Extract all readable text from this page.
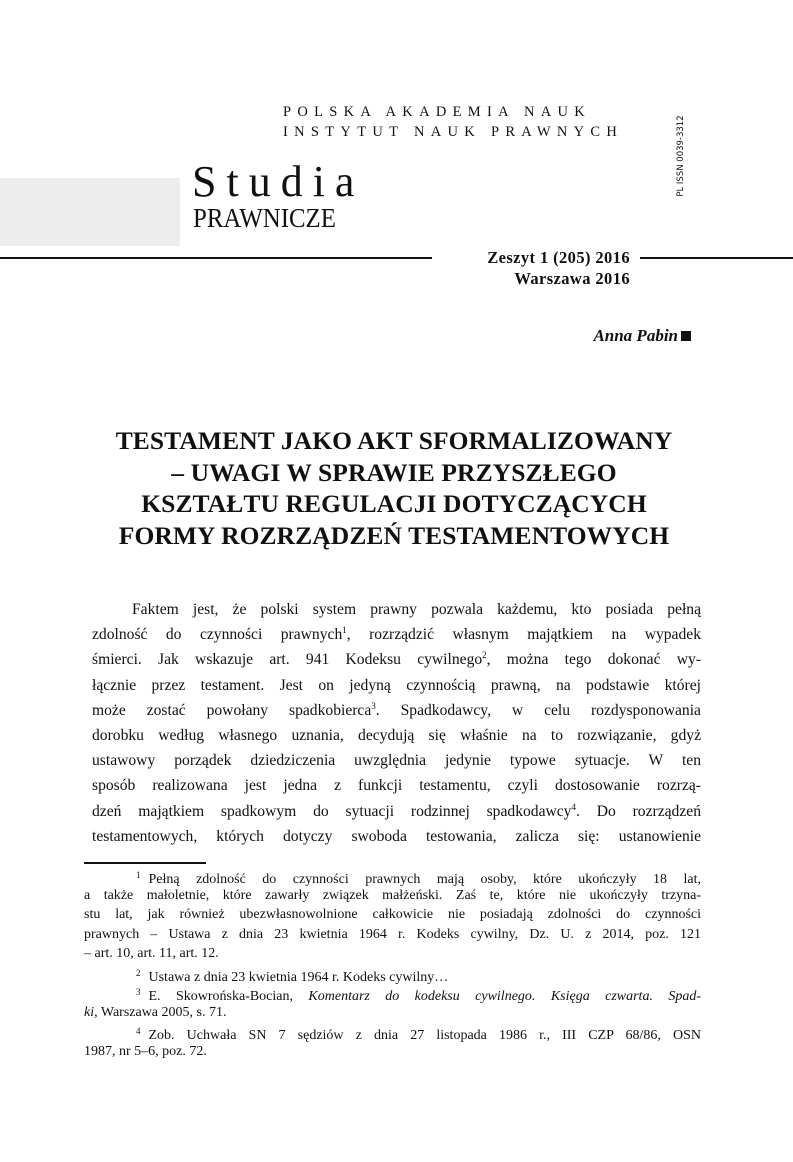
POLSKA AKADEMIA NAUK
INSTYTUT NAUK PRAWNYCH	PL ISSN 0039-3312
Studia
PRAWNICZE
Zeszyt 1 (205) 2016
Warszawa 2016
Anna Pabin
TESTAMENT JAKO AKT SFORMALIZOWANY
– UWAGI W SPRAWIE PRZYSZŁEGO
KSZTAŁTU REGULACJI DOTYCZĄCYCH
FORMY ROZRZĄDZEŃ TESTAMENTOWYCH
Faktem jest, że polski system prawny pozwala każdemu, kto posiada pełną
zdolność do czynności prawnych$^1$, rozrządzić własnym majątkiem na wypadek
śmierci. Jak wskazuje art. 941 Kodeksu cywilnego$^2$, można tego dokonać wy-
łącznie przez testament. Jest on jedyną czynnością prawną, na podstawie której
może zostać powołany spadkobierca$^3$. Spadkodawcy, w celu rozdysponowania
dorobku według własnego uznania, decydują się właśnie na to rozwiązanie, gdyż
ustawowy porządek dziedziczenia uwzględnia jedynie typowe sytuacje. W ten
sposób realizowana jest jedna z funkcji testamentu, czyli dostosowanie rozrzą-
dzeń majątkiem spadkowym do sytuacji rodzinnej spadkodawcy$^4$. Do rozrządzeń
testamentowych, których dotyczy swoboda testowania, zalicza się: ustanowienie
$^1$ Pełną zdolność do czynności prawnych mają osoby, które ukończyły 18 lat,
a także małoletnie, które zawarły związek małżeński. Zaś te, które nie ukończyły trzyna-
stu lat, jak również ubezwłasnowolnione całkowicie nie posiadają zdolności do czynności
prawnych – Ustawa z dnia 23 kwietnia 1964 r. Kodeks cywilny, Dz. U. z 2014, poz. 121
– art. 10, art. 11, art. 12.
$^2$ Ustawa z dnia 23 kwietnia 1964 r. Kodeks cywilny…
$^3$ E. Skowrońska-Bocian, Komentarz do kodeksu cywilnego. Księga czwarta. Spad-
ki, Warszawa 2005, s. 71.
$^4$ Zob. Uchwała SN 7 sędziów z dnia 27 listopada 1986 r., III CZP 68/86, OSN
1987, nr 5–6, poz. 72.
